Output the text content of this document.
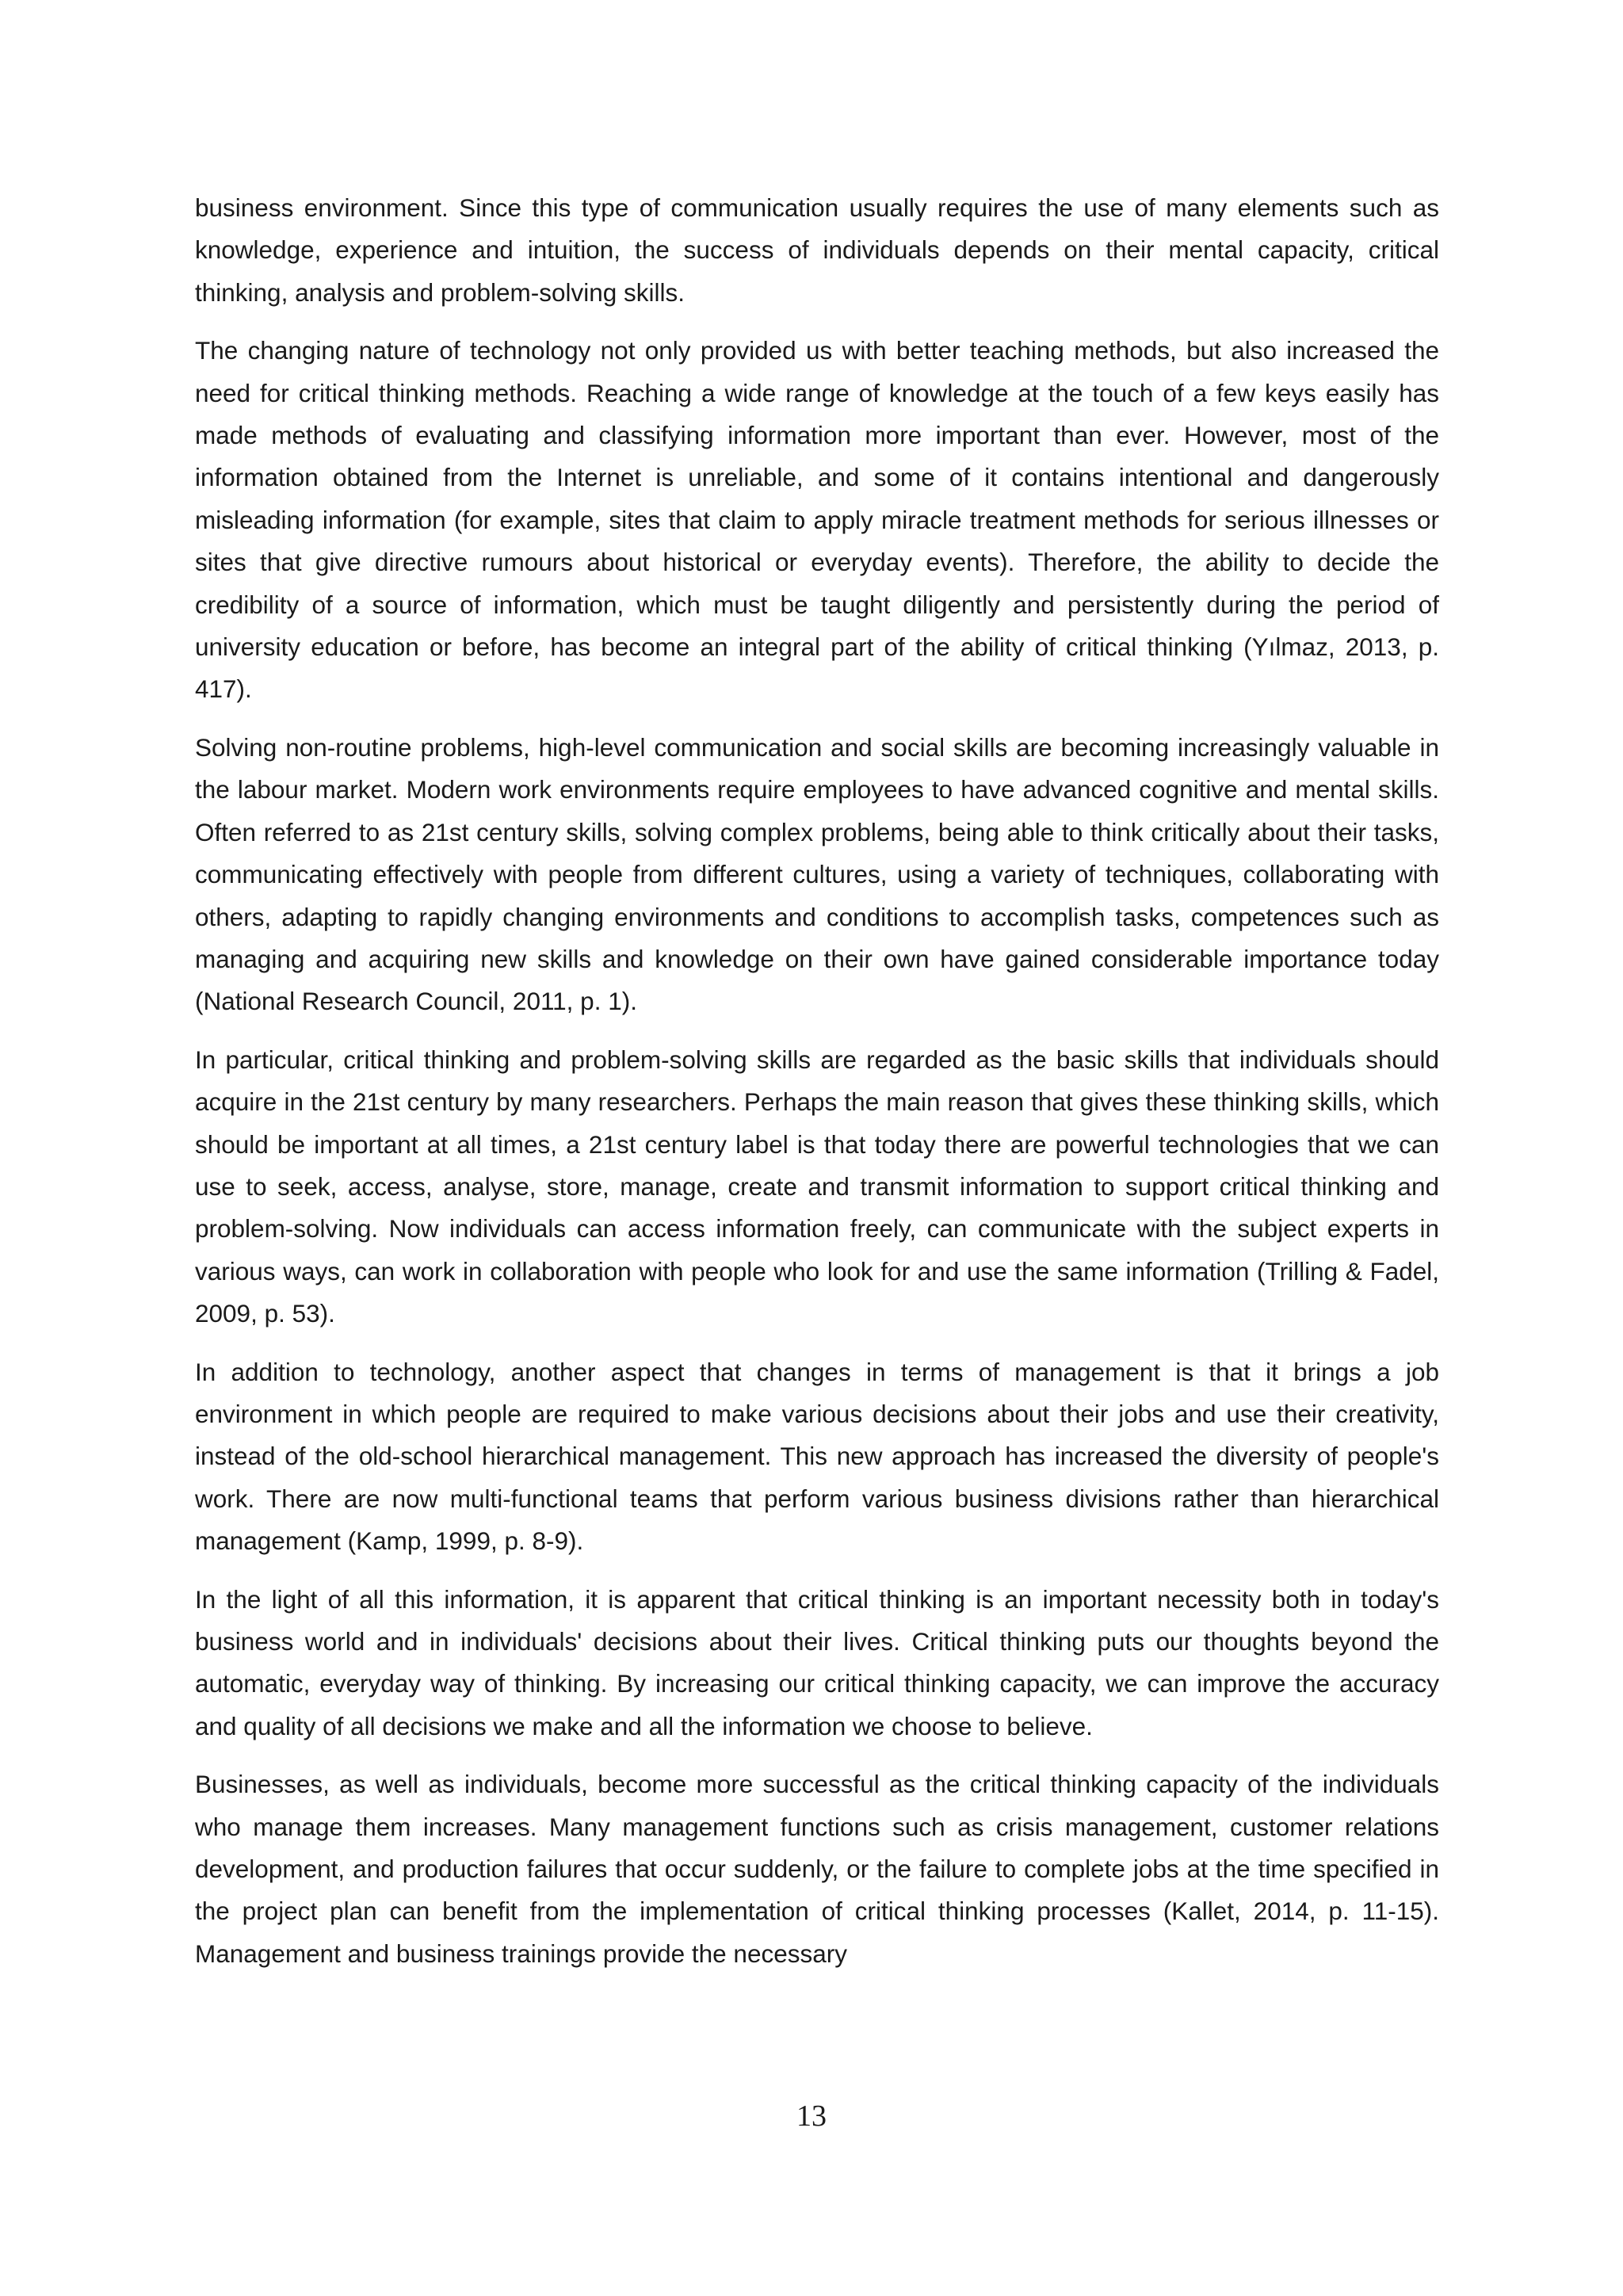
business environment. Since this type of communication usually requires the use of many elements such as knowledge, experience and intuition, the success of individuals depends on their mental capacity, critical thinking, analysis and problem-solving skills.

The changing nature of technology not only provided us with better teaching methods, but also increased the need for critical thinking methods. Reaching a wide range of knowledge at the touch of a few keys easily has made methods of evaluating and classifying information more important than ever. However, most of the information obtained from the Internet is unreliable, and some of it contains intentional and dangerously misleading information (for example, sites that claim to apply miracle treatment methods for serious illnesses or sites that give directive rumours about historical or everyday events). Therefore, the ability to decide the credibility of a source of information, which must be taught diligently and persistently during the period of university education or before, has become an integral part of the ability of critical thinking (Yılmaz, 2013, p. 417).

Solving non-routine problems, high-level communication and social skills are becoming increasingly valuable in the labour market. Modern work environments require employees to have advanced cognitive and mental skills. Often referred to as 21st century skills, solving complex problems, being able to think critically about their tasks, communicating effectively with people from different cultures, using a variety of techniques, collaborating with others, adapting to rapidly changing environments and conditions to accomplish tasks, competences such as managing and acquiring new skills and knowledge on their own have gained considerable importance today (National Research Council, 2011, p. 1).

In particular, critical thinking and problem-solving skills are regarded as the basic skills that individuals should acquire in the 21st century by many researchers. Perhaps the main reason that gives these thinking skills, which should be important at all times, a 21st century label is that today there are powerful technologies that we can use to seek, access, analyse, store, manage, create and transmit information to support critical thinking and problem-solving. Now individuals can access information freely, can communicate with the subject experts in various ways, can work in collaboration with people who look for and use the same information (Trilling & Fadel, 2009, p. 53).

In addition to technology, another aspect that changes in terms of management is that it brings a job environment in which people are required to make various decisions about their jobs and use their creativity, instead of the old-school hierarchical management. This new approach has increased the diversity of people's work. There are now multi-functional teams that perform various business divisions rather than hierarchical management (Kamp, 1999, p. 8-9).

In the light of all this information, it is apparent that critical thinking is an important necessity both in today's business world and in individuals' decisions about their lives. Critical thinking puts our thoughts beyond the automatic, everyday way of thinking. By increasing our critical thinking capacity, we can improve the accuracy and quality of all decisions we make and all the information we choose to believe.

Businesses, as well as individuals, become more successful as the critical thinking capacity of the individuals who manage them increases. Many management functions such as crisis management, customer relations development, and production failures that occur suddenly, or the failure to complete jobs at the time specified in the project plan can benefit from the implementation of critical thinking processes (Kallet, 2014, p. 11-15). Management and business trainings provide the necessary

13
